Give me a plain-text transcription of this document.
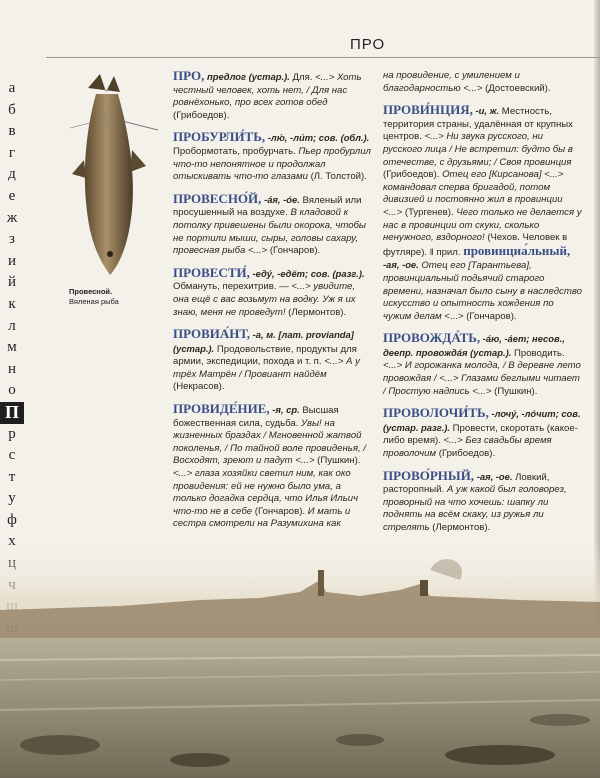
ПРО
а
б
в
г
д
е
ж
з
и
й
к
л
м
н
о
П
р
с
т
у
ф
Провесной.
Вяленая рыба
ПРО, предлог (устар.). Для. <...> Хоть честный человек, хоть нет, / Для нас ровнёхонько, про всех готов обед (Грибоедов).
ПРОБУРЛИ́ТЬ, -лю́, -ли́т; сов. (обл.). Пробормотать, пробурчать. Пьер пробурлил что-то непонятное и продолжал отыскивать что-то глазами (Л. Толстой).
ПРОВЕСНО́Й, -а́я, -о́е. Вяленый или просушенный на воздухе. В кладовой к потолку привешены были окорока, чтобы не портили мыши, сыры, головы сахару, провесная рыба <...> (Гончаров).
ПРОВЕСТИ́, -еду́, -едёт; сов. (разг.). Обмануть, перехитрив. — <...> увидите, она ещё с вас возьмут на водку. Уж я их знаю, меня не проведут! (Лермонтов).
ПРОВИА́НТ, -а, м. [лат. provianda] (устар.). Продовольствие, продукты для армии, экспедиции, похода и т. п. <...> А у трёх Матрён / Провиант найдём (Некрасов).
ПРОВИДЕ́НИЕ, -я, ср. Высшая божественная сила, судьба. Увы! на жизненных браздах / Мгновенной жатвой поколенья, / По тайной воле провиденья, / Восходят, зреют и падут <...> (Пушкин). <...> глаза хозяйки светил ним, как око провидения: ей не нужно было ума, а только догадка сердца, что Илья Ильич что-то не в себе (Гончаров). И мать и сестра смотрели на Разумихина как
на провидение, с умилением и благодарностью <...> (Достоевский).
ПРОВИ́НЦИЯ, -и, ж. Местность, территория страны, удалённая от крупных центров. <...> Ни звука русского, ни русского лица / Не встретил: будто бы в отечестве, с друзьями; / Своя провинция (Грибоедов). Отец его [Кирсанова] <...> командовал сперва бригадой, потом дивизией и постоянно жил в провинции <...> (Тургенев). Чего только не делается у нас в провинции от скуки, сколько ненужного, вздорного! (Чехов. Человек в футляре). ‖ прил. провинциа́льный, -ая, -ое. Отец его [Тарантьева], провинциальный подьячий старого времени, назначал было сыну в наследство искусство и опытность хождения по чужим делам <...> (Гончаров).
ПРОВОЖДА́ТЬ, -а́ю, -а́ет; несов., деепр. провожда́я (устар.). Проводить. <...> И горожанка молода, / В деревне лето провождая / <...> Глазами беглыми читает / Простую надпись <...> (Пушкин).
ПРОВОЛОЧИ́ТЬ, -лочу́, -ло́чит; сов. (устар. разг.). Провести, скоротать (какое-либо время). <...> Без свадьбы время проволочим (Грибоедов).
ПРОВО́РНЫЙ, -ая, -ое. Ловкий, расторопный. А уж какой был головорез, проворный на что хочешь: шапку ли поднять на всём скаку, из ружья ли стрелять (Лермонтов).
